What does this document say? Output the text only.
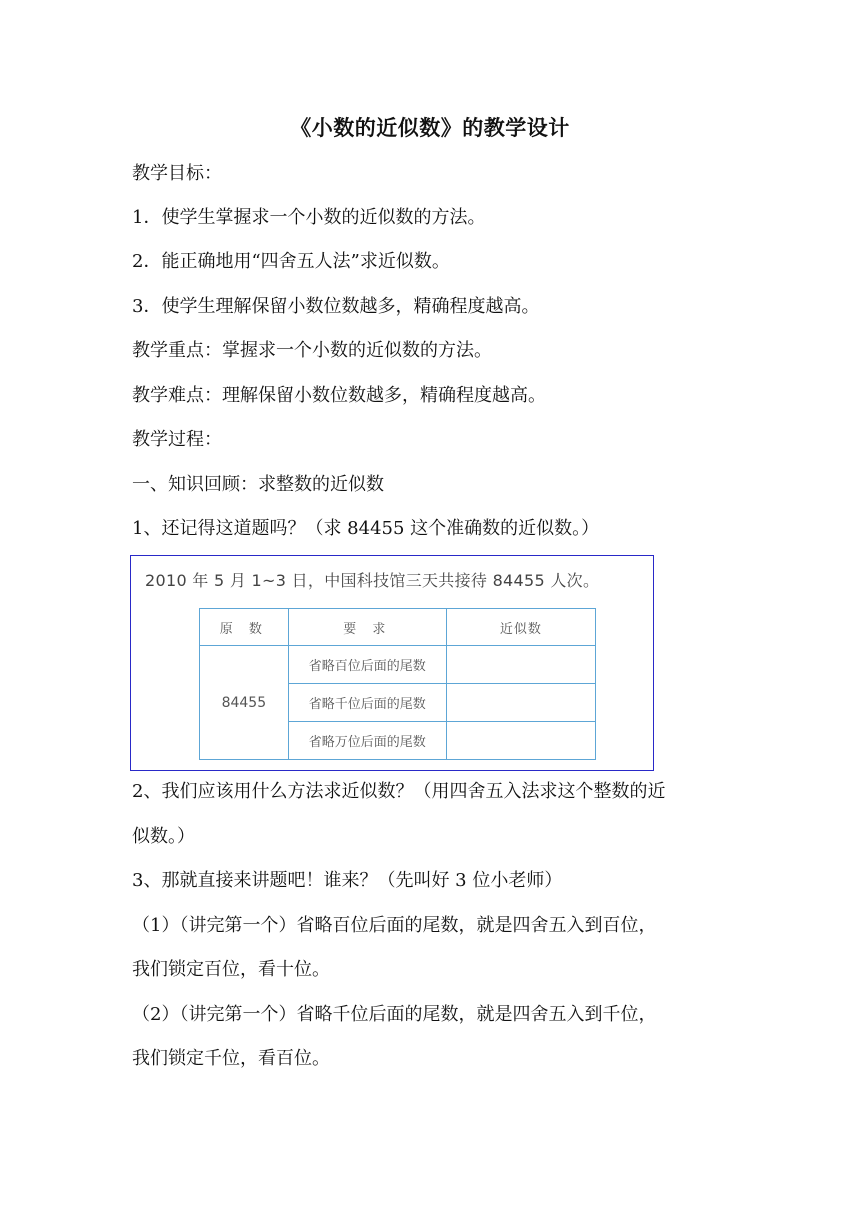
《小数的近似数》的教学设计
教学目标：
1．使学生掌握求一个小数的近似数的方法。
2．能正确地用“四舍五人法”求近似数。
3．使学生理解保留小数位数越多，精确程度越高。
教学重点：掌握求一个小数的近似数的方法。
教学难点：理解保留小数位数越多，精确程度越高。
教学过程：
一、知识回顾：求整数的近似数
1、还记得这道题吗？（求 84455 这个准确数的近似数。）
2010 年 5 月 1~3 日，中国科技馆三天共接待 84455 人次。
原 数	要 求	近似数
84455	省略百位后面的尾数	
	省略千位后面的尾数	
	省略万位后面的尾数	
2、我们应该用什么方法求近似数？（用四舍五入法求这个整数的近
似数。）
3、那就直接来讲题吧！谁来？（先叫好 3 位小老师）
（1）（讲完第一个）省略百位后面的尾数，就是四舍五入到百位，
我们锁定百位，看十位。
（2）（讲完第一个）省略千位后面的尾数，就是四舍五入到千位，
我们锁定千位，看百位。
